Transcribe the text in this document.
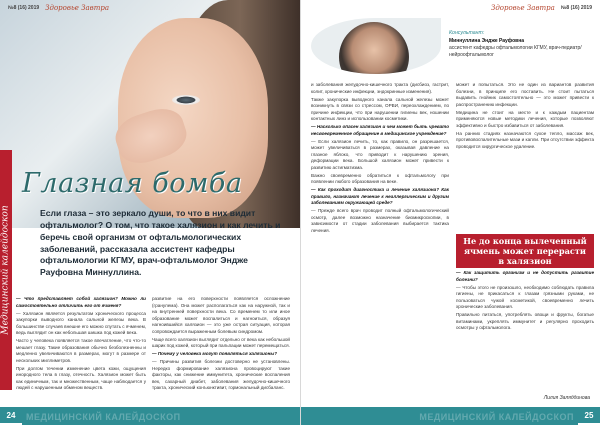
№8 (16) 2019 Здоровье Завтра
Медицинский калейдоскоп
Глазная бомба
Если глаза – это зеркало души, то что в них видит офтальмолог? О том, что такое халязион и как лечить и беречь свой организм от офтальмологических заболеваний, рассказала ассистент кафедры офтальмологии КГМУ, врач-офтальмолог Эндже Рауфовна Миннуллина.

— Что представляет собой халязион? Можно ли самостоятельно отличить его от ячменя?

— Халязион является результатом хронического процесса закупорки выводного канала сальной железы века. В большинстве случаев внешне его можно спутать с ячменем, ведь выглядит он как небольшая шишка под кожей века.

Часто у человека появляется такое впечатление, что что-то мешает глазу. Такие образования обычно безболезненны и медленно увеличиваются в размерах, могут в размере от нескольких миллиметров.

При долгом течении изменение цвета кожи, ощущения инородного тела в глазу, отечность. Халязион может быть как единичным, так и множественным, чаще наблюдается у людей с нарушенным обменом веществ.

развитие на его поверхности появляется осложнение (гранулема). Она может располагаться как на наружной, так и на внутренней поверхности века. Со временем то или иное образование может воспалиться и нагноиться, образуя нагноившийся халязион — это уже острая ситуация, которая сопровождается выраженным болевым синдромом.

Чаще всего халязион выглядит отдельно от века как небольшой шарик под кожей, который при пальпации может перемещаться.

— Почему у человека могут появляться халязионы?

— Причины развития болезни достоверно не установлены. Нередко формирование халязиона провоцируют такие факторы, как снижение иммунитета, хронические воспаления век, сахарный диабет, заболевания желудочно-кишечного тракта, хронический конъюнктивит, гормональный дисбаланс.

МЕДИЦИНСКИЙ КАЛЕЙДОСКОП
24
Здоровье Завтра №8 (16) 2019
Консультант:
Миннуллина Эндже Рауфовна
ассистент кафедры офтальмологии КГМУ, врач-педиатр/нейроофтальмолог

и заболевания желудочно-кишечного тракта (дисбиоз, гастрит, колит, хронические инфекции, эндокринные изменения).

Также закупорка выводного канала сальной железы может возникнуть в связи со стрессом, ОРВИ, переохлаждением, по причине инфекции, что при нарушении гигиены век, ношении контактных линз и использовании косметики.

— Насколько опасен халязион и чем может быть чревато несвоевременное обращение в медицинское учреждение?

— Если халязион лечить, то, как правило, он разрешается, может увеличиваться в размерах, оказывая давление на глазное яблоко, что приводит к нарушению зрения, деформации века. Большой халязион может привести к развитию астигматизма.

Важно своевременно обратиться к офтальмологу при появлении любого образования на веке.

— Как проходит диагностика и лечение халязиона? Как правило, назначают лечение к неаллергическим и другим заболеваниям окружающей среде?

— Прежде всего врач проводит полный офтальмологический осмотр, далее возможно назначение биомикроскопии, в зависимости от стадии заболевания выбирается тактика лечения.

может и попытаться. Это не один из вариантов развития болезни, в принципе его поставить. Не стоит пытаться выдавить гнойник самостоятельно — это может привести к распространению инфекции.

Медицина не стоит на месте и к каждым пациентам применяются новые методики лечения, которые позволяют эффективно и быстро избавиться от заболевания.

На ранних стадиях назначаются сухое тепло, массаж век, противовоспалительные мази и капли. При отсутствии эффекта проводится хирургическое удаление.

Не до конца вылеченный ячмень может перерасти в халязион

— Как защитить организм и не допустить развитие болезни?

— Чтобы этого не произошло, необходимо соблюдать правила гигиены, не прикасаться к глазам грязными руками, не пользоваться чужой косметикой, своевременно лечить хронические заболевания.

Правильно питаться, употреблять овощи и фрукты, богатые витаминами, укреплять иммунитет и регулярно проходить осмотры у офтальмолога.

Лилия Заляддинова
МЕДИЦИНСКИЙ КАЛЕЙДОСКОП	25
